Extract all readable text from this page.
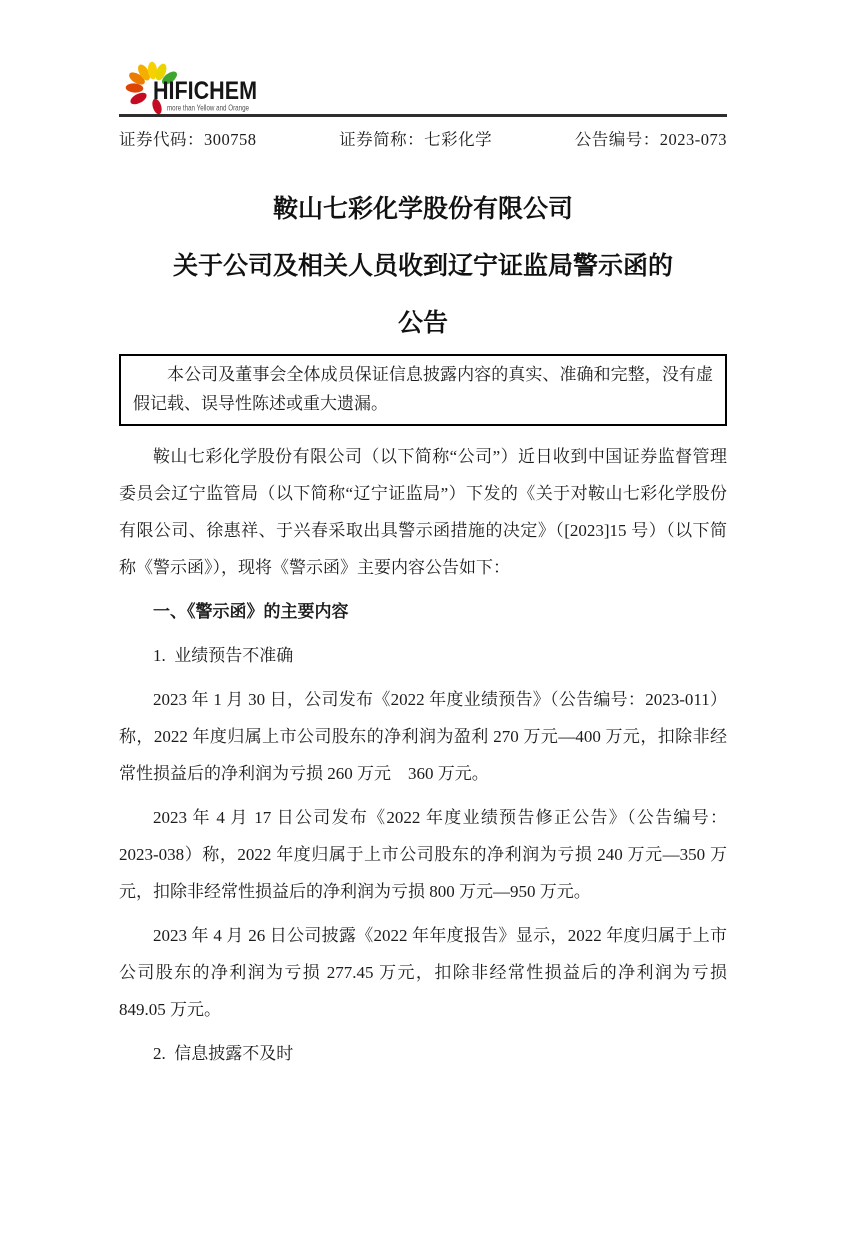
HIFICHEM
more than Yellow and Orange
证券代码：300758	证券简称：七彩化学	公告编号：2023-073
鞍山七彩化学股份有限公司
关于公司及相关人员收到辽宁证监局警示函的
公告
本公司及董事会全体成员保证信息披露内容的真实、准确和完整，没有虚假记载、误导性陈述或重大遗漏。

鞍山七彩化学股份有限公司（以下简称“公司”）近日收到中国证券监督管理委员会辽宁监管局（以下简称“辽宁证监局”）下发的《关于对鞍山七彩化学股份有限公司、徐惠祥、于兴春采取出具警示函措施的决定》（[2023]15 号）（以下简称《警示函》），现将《警示函》主要内容公告如下：

一、《警示函》的主要内容

1.  业绩预告不准确

2023 年 1 月 30 日，公司发布《2022 年度业绩预告》（公告编号：2023-011）称，2022 年度归属上市公司股东的净利润为盈利 270 万元—400 万元，扣除非经常性损益后的净利润为亏损 260 万元　360 万元。

2023 年 4 月 17 日公司发布《2022 年度业绩预告修正公告》（公告编号：2023-038）称，2022 年度归属于上市公司股东的净利润为亏损 240 万元—350 万元，扣除非经常性损益后的净利润为亏损 800 万元—950 万元。

2023 年 4 月 26 日公司披露《2022 年年度报告》显示，2022 年度归属于上市公司股东的净利润为亏损 277.45 万元，扣除非经常性损益后的净利润为亏损 849.05 万元。

2.  信息披露不及时
